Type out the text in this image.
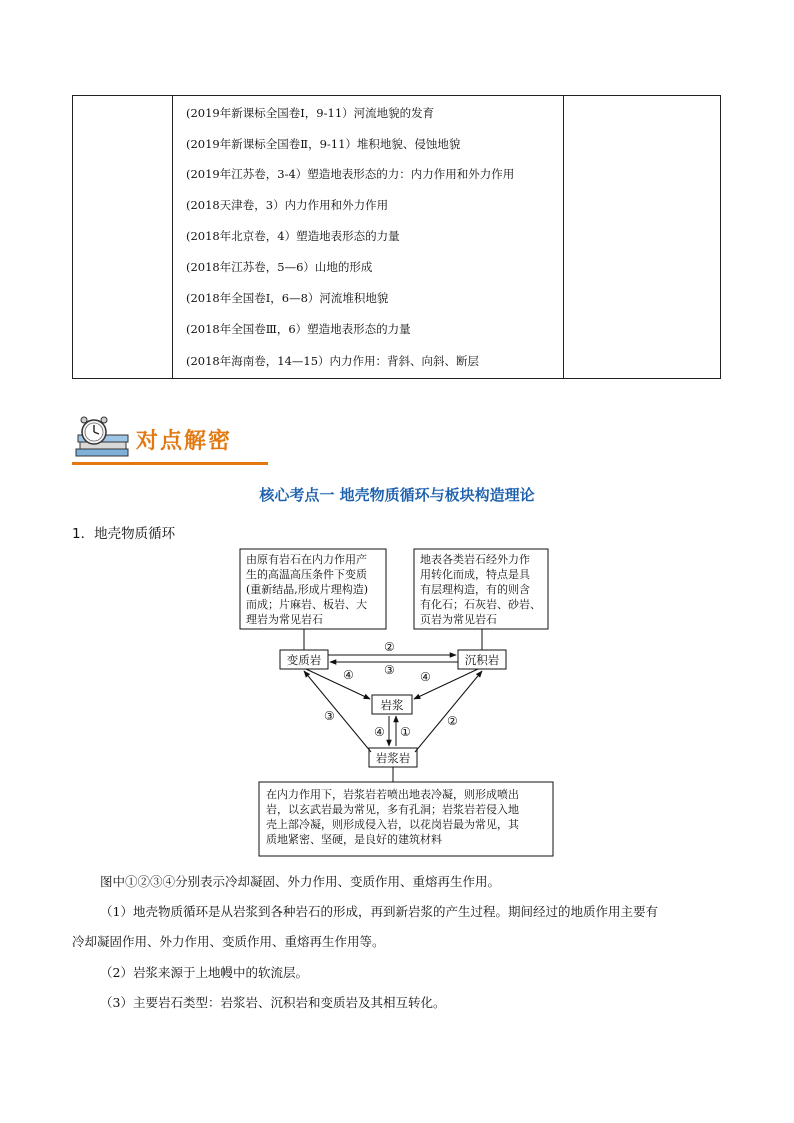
(2019年新课标全国卷Ⅰ，9-11）河流地貌的发育
(2019年新课标全国卷Ⅱ，9-11）堆积地貌、侵蚀地貌
(2019年江苏卷，3-4）塑造地表形态的力：内力作用和外力作用
(2018天津卷，3）内力作用和外力作用
(2018年北京卷，4）塑造地表形态的力量
(2018年江苏卷，5—6）山地的形成
(2018年全国卷Ⅰ，6—8）河流堆积地貌
(2018年全国卷Ⅲ，6）塑造地表形态的力量
(2018年海南卷，14—15）内力作用：背斜、向斜、断层
对点解密
核心考点一 地壳物质循环与板块构造理论
1．地壳物质循环
由原有岩石在内力作用产
生的高温高压条件下变质
(重新结晶,形成片理构造)
而成；片麻岩、板岩、大
理岩为常见岩石
地表各类岩石经外力作
用转化而成，特点是具
有层理构造，有的则含
有化石；石灰岩、砂岩、
页岩为常见岩石
在内力作用下，岩浆岩若喷出地表冷凝，则形成喷出
岩，以玄武岩最为常见，多有孔洞；岩浆岩若侵入地
壳上部冷凝，则形成侵入岩，以花岗岩最为常见，其
质地紧密、坚硬，是良好的建筑材料
变质岩	沉积岩
岩浆
岩浆岩
②
③
④	④
③	②
④ ①
图中①②③④分别表示冷却凝固、外力作用、变质作用、重熔再生作用。
（1）地壳物质循环是从岩浆到各种岩石的形成，再到新岩浆的产生过程。期间经过的地质作用主要有
冷却凝固作用、外力作用、变质作用、重熔再生作用等。
（2）岩浆来源于上地幔中的软流层。
（3）主要岩石类型：岩浆岩、沉积岩和变质岩及其相互转化。
